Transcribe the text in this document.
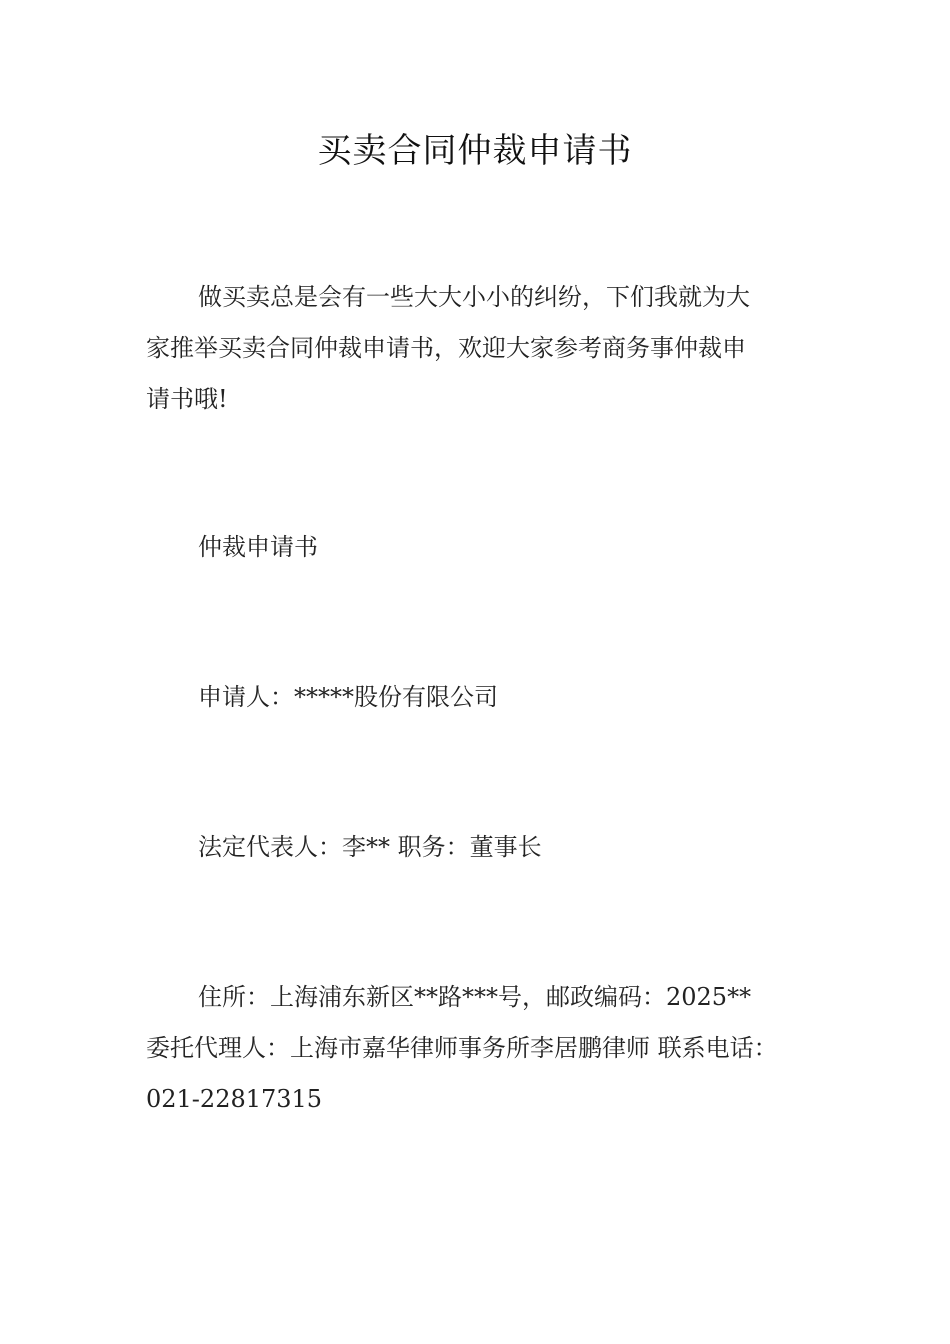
买卖合同仲裁申请书
做买卖总是会有一些大大小小的纠纷，下们我就为大
家推举买卖合同仲裁申请书，欢迎大家参考商务事仲裁申
请书哦!
仲裁申请书
申请人：*****股份有限公司
法定代表人：李** 职务：董事长
住所：上海浦东新区**路***号，邮政编码：2025**
委托代理人：上海市嘉华律师事务所李居鹏律师 联系电话：
021-22817315
